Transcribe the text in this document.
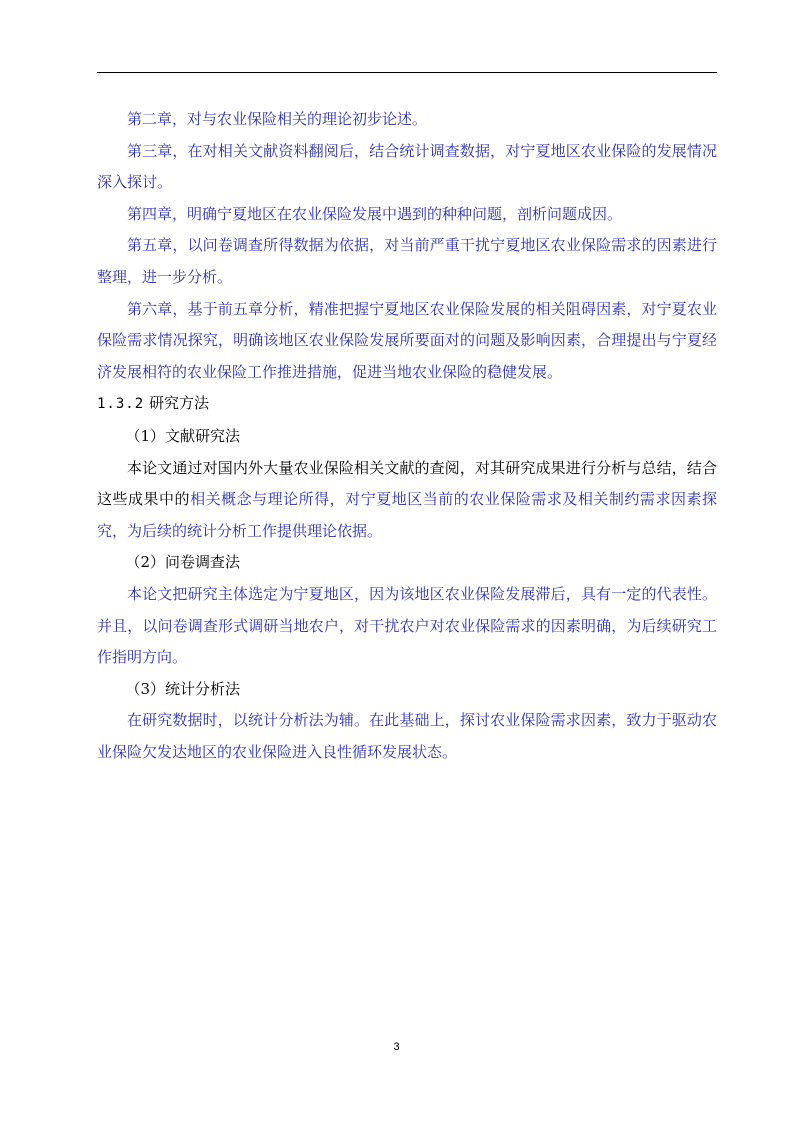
第二章，对与农业保险相关的理论初步论述。

第三章，在对相关文献资料翻阅后，结合统计调查数据，对宁夏地区农业保险的发展情况深入探讨。

第四章，明确宁夏地区在农业保险发展中遇到的种种问题，剖析问题成因。

第五章，以问卷调查所得数据为依据，对当前严重干扰宁夏地区农业保险需求的因素进行整理，进一步分析。

第六章，基于前五章分析，精准把握宁夏地区农业保险发展的相关阻碍因素，对宁夏农业保险需求情况探究，明确该地区农业保险发展所要面对的问题及影响因素，合理提出与宁夏经济发展相符的农业保险工作推进措施，促进当地农业保险的稳健发展。

1.3.2 研究方法

（1）文献研究法

本论文通过对国内外大量农业保险相关文献的查阅，对其研究成果进行分析与总结，结合这些成果中的相关概念与理论所得，对宁夏地区当前的农业保险需求及相关制约需求因素探究，为后续的统计分析工作提供理论依据。

（2）问卷调查法

本论文把研究主体选定为宁夏地区，因为该地区农业保险发展滞后，具有一定的代表性。并且，以问卷调查形式调研当地农户，对干扰农户对农业保险需求的因素明确，为后续研究工作指明方向。

（3）统计分析法

在研究数据时，以统计分析法为辅。在此基础上，探讨农业保险需求因素，致力于驱动农业保险欠发达地区的农业保险进入良性循环发展状态。

3
